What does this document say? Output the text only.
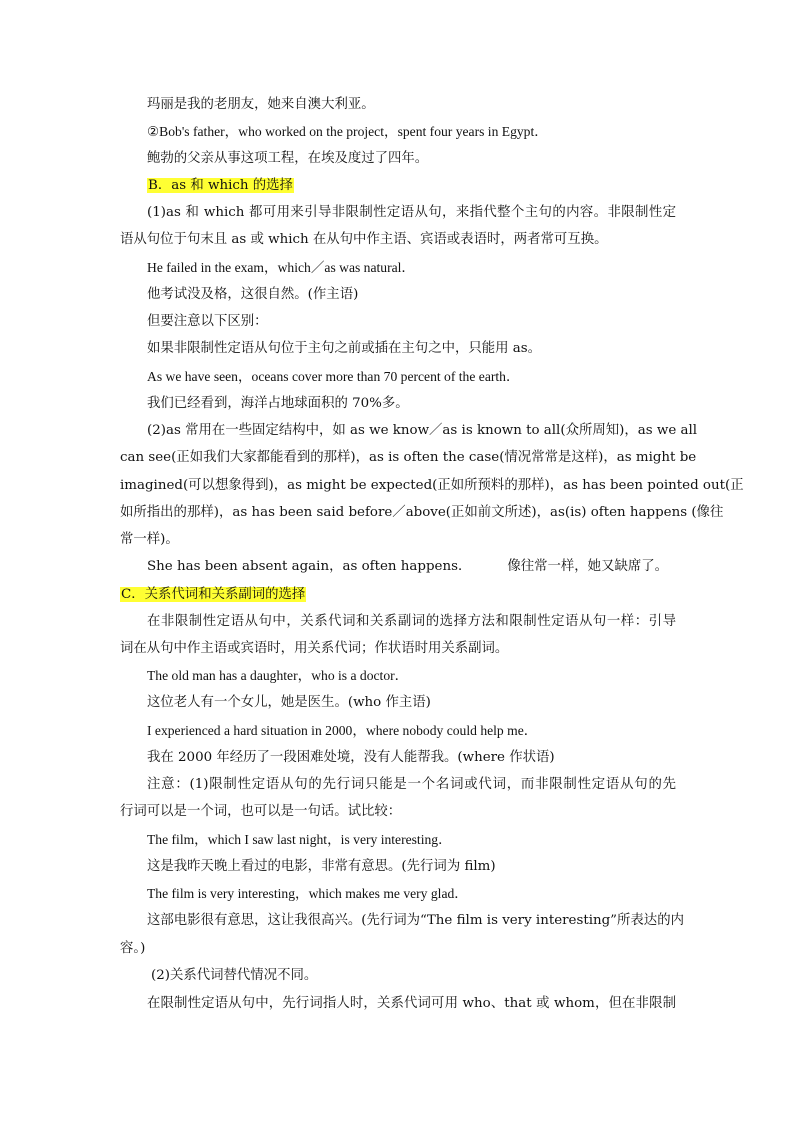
玛丽是我的老朋友，她来自澳大利亚。
②Bob's father，who worked on the project，spent four years in Egypt．
鲍勃的父亲从事这项工程，在埃及度过了四年。
B．as 和 which 的选择
(1)as 和 which 都可用来引导非限制性定语从句，来指代整个主句的内容。非限制性定
语从句位于句末且 as 或 which 在从句中作主语、宾语或表语时，两者常可互换。
He failed in the exam，which／as was natural．
他考试没及格，这很自然。(作主语)
但要注意以下区别：
如果非限制性定语从句位于主句之前或插在主句之中，只能用 as。
As we have seen，oceans cover more than 70 percent of the earth．
我们已经看到，海洋占地球面积的 70%多。
(2)as 常用在一些固定结构中，如 as we know／as is known to all(众所周知)，as we all
can see(正如我们大家都能看到的那样)，as is often the case(情况常常是这样)，as might be
imagined(可以想象得到)，as might be expected(正如所预料的那样)，as has been pointed out(正
如所指出的那样)，as has been said before／above(正如前文所述)，as(is) often happens (像往
常一样)。
She has been absent again，as often happens．	像往常一样，她又缺席了。
C．关系代词和关系副词的选择
在非限制性定语从句中，关系代词和关系副词的选择方法和限制性定语从句一样：引导
词在从句中作主语或宾语时，用关系代词；作状语时用关系副词。
The old man has a daughter，who is a doctor．
这位老人有一个女儿，她是医生。(who 作主语)
I experienced a hard situation in 2000，where nobody could help me．
我在 2000 年经历了一段困难处境，没有人能帮我。(where 作状语)
注意：(1)限制性定语从句的先行词只能是一个名词或代词，而非限制性定语从句的先
行词可以是一个词，也可以是一句话。试比较：
The film，which I saw last night，is very interesting．
这是我昨天晚上看过的电影，非常有意思。(先行词为 film)
The film is very interesting，which makes me very glad．
这部电影很有意思，这让我很高兴。(先行词为“The film is very interesting”所表达的内
容。)
(2)关系代词替代情况不同。
在限制性定语从句中，先行词指人时，关系代词可用 who、that 或 whom，但在非限制
